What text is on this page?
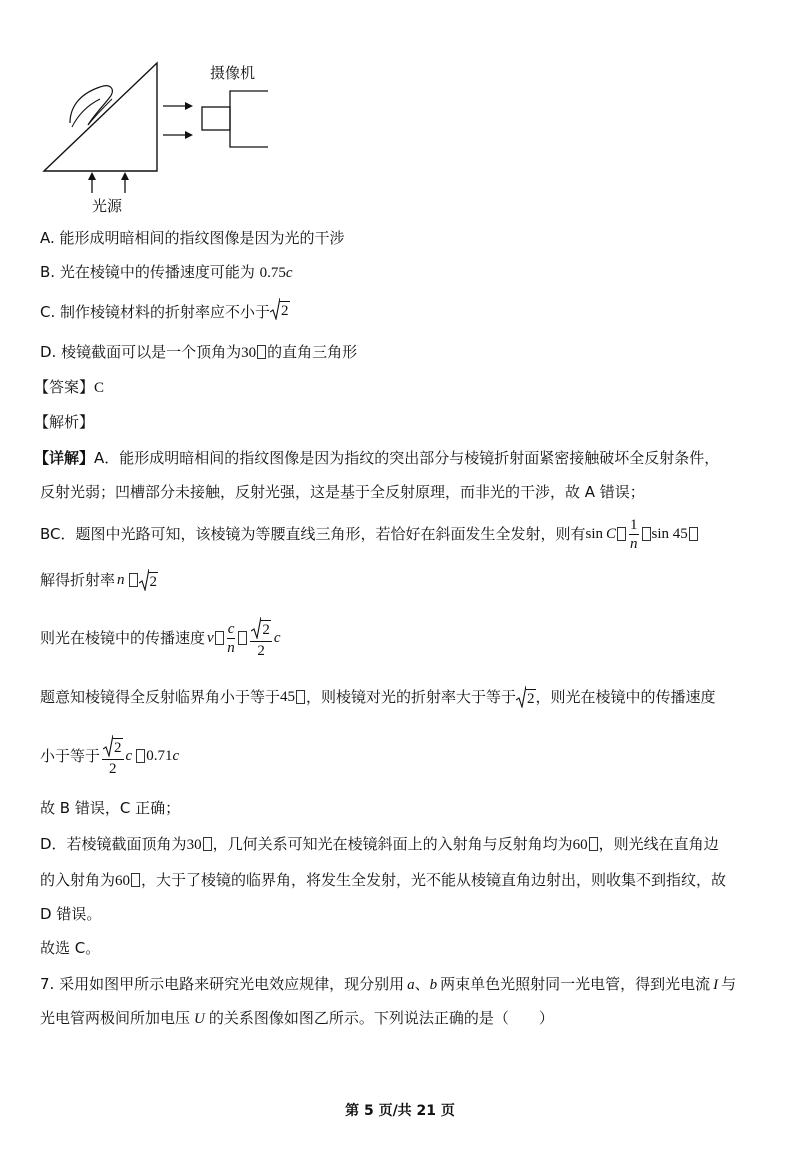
摄像机
光源
A. 能形成明暗相间的指纹图像是因为光的干涉
B. 光在棱镜中的传播速度可能为 0.75c
C. 制作棱镜材料的折射率应不小于 2
D. 棱镜截面可以是一个顶角为30 的直角三角形
【答案】C
【解析】
【详解】A．能形成明暗相间的指纹图像是因为指纹的突出部分与棱镜折射面紧密接触破坏全反射条件，
反射光弱；凹槽部分未接触，反射光强，这是基于全反射原理，而非光的干涉，故 A 错误；
BC．题图中光路可知，该棱镜为等腰直线三角形，若恰好在斜面发生全发射，则有 sin C $\frac{1}{n}$ sin 45
解得折射率 n 2
则光在棱镜中的传播速度 v $\frac{c}{n} \frac{2}{2}$ c
题意知棱镜得全反射临界角小于等于 45 ，则棱镜对光的折射率大于等于 2 ，则光在棱镜中的传播速度
小于等于 $\frac{2}{2}$ c 0.71 c
故 B 错误，C 正确；
D．若棱镜截面顶角为30 ，几何关系可知光在棱镜斜面上的入射角与反射角均为60 ，则光线在直角边
的入射角为60 ，大于了棱镜的临界角，将发生全发射，光不能从棱镜直角边射出，则收集不到指纹，故
D 错误。
故选 C。
7. 采用如图甲所示电路来研究光电效应规律，现分别用 a、b 两束单色光照射同一光电管，得到光电流 I 与
光电管两极间所加电压 U 的关系图像如图乙所示。下列说法正确的是（　　）
第 5 页/共 21 页
